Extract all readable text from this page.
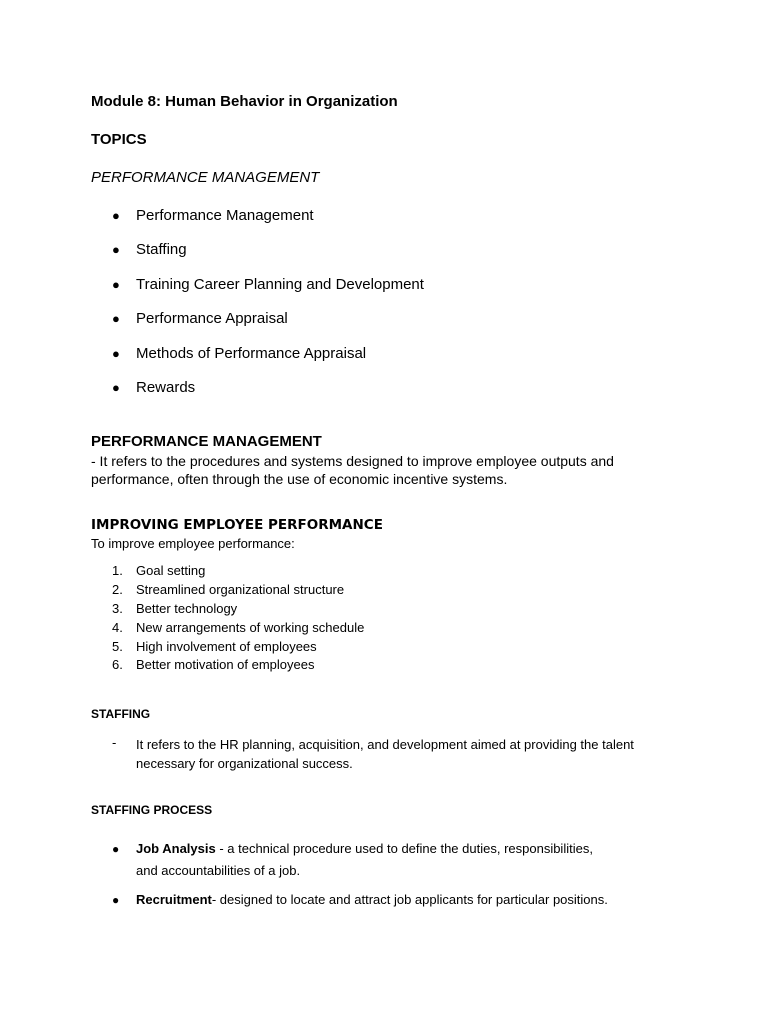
Module 8: Human Behavior in Organization
TOPICS
PERFORMANCE MANAGEMENT
●	Performance Management
●	Staffing
●	Training Career Planning and Development
●	Performance Appraisal
●	Methods of Performance Appraisal
●	Rewards
PERFORMANCE MANAGEMENT
- It refers to the procedures and systems designed to improve employee outputs and performance, often through the use of economic incentive systems.
IMPROVING EMPLOYEE PERFORMANCE
To improve employee performance:
1.	Goal setting
2.	Streamlined organizational structure
3.	Better technology
4.	New arrangements of working schedule
5.	High involvement of employees
6.	Better motivation of employees
STAFFING
- It refers to the HR planning, acquisition, and development aimed at providing the talent necessary for organizational success.
STAFFING PROCESS
●	Job Analysis - a technical procedure used to define the duties, responsibilities, and accountabilities of a job.
●	Recruitment- designed to locate and attract job applicants for particular positions.
